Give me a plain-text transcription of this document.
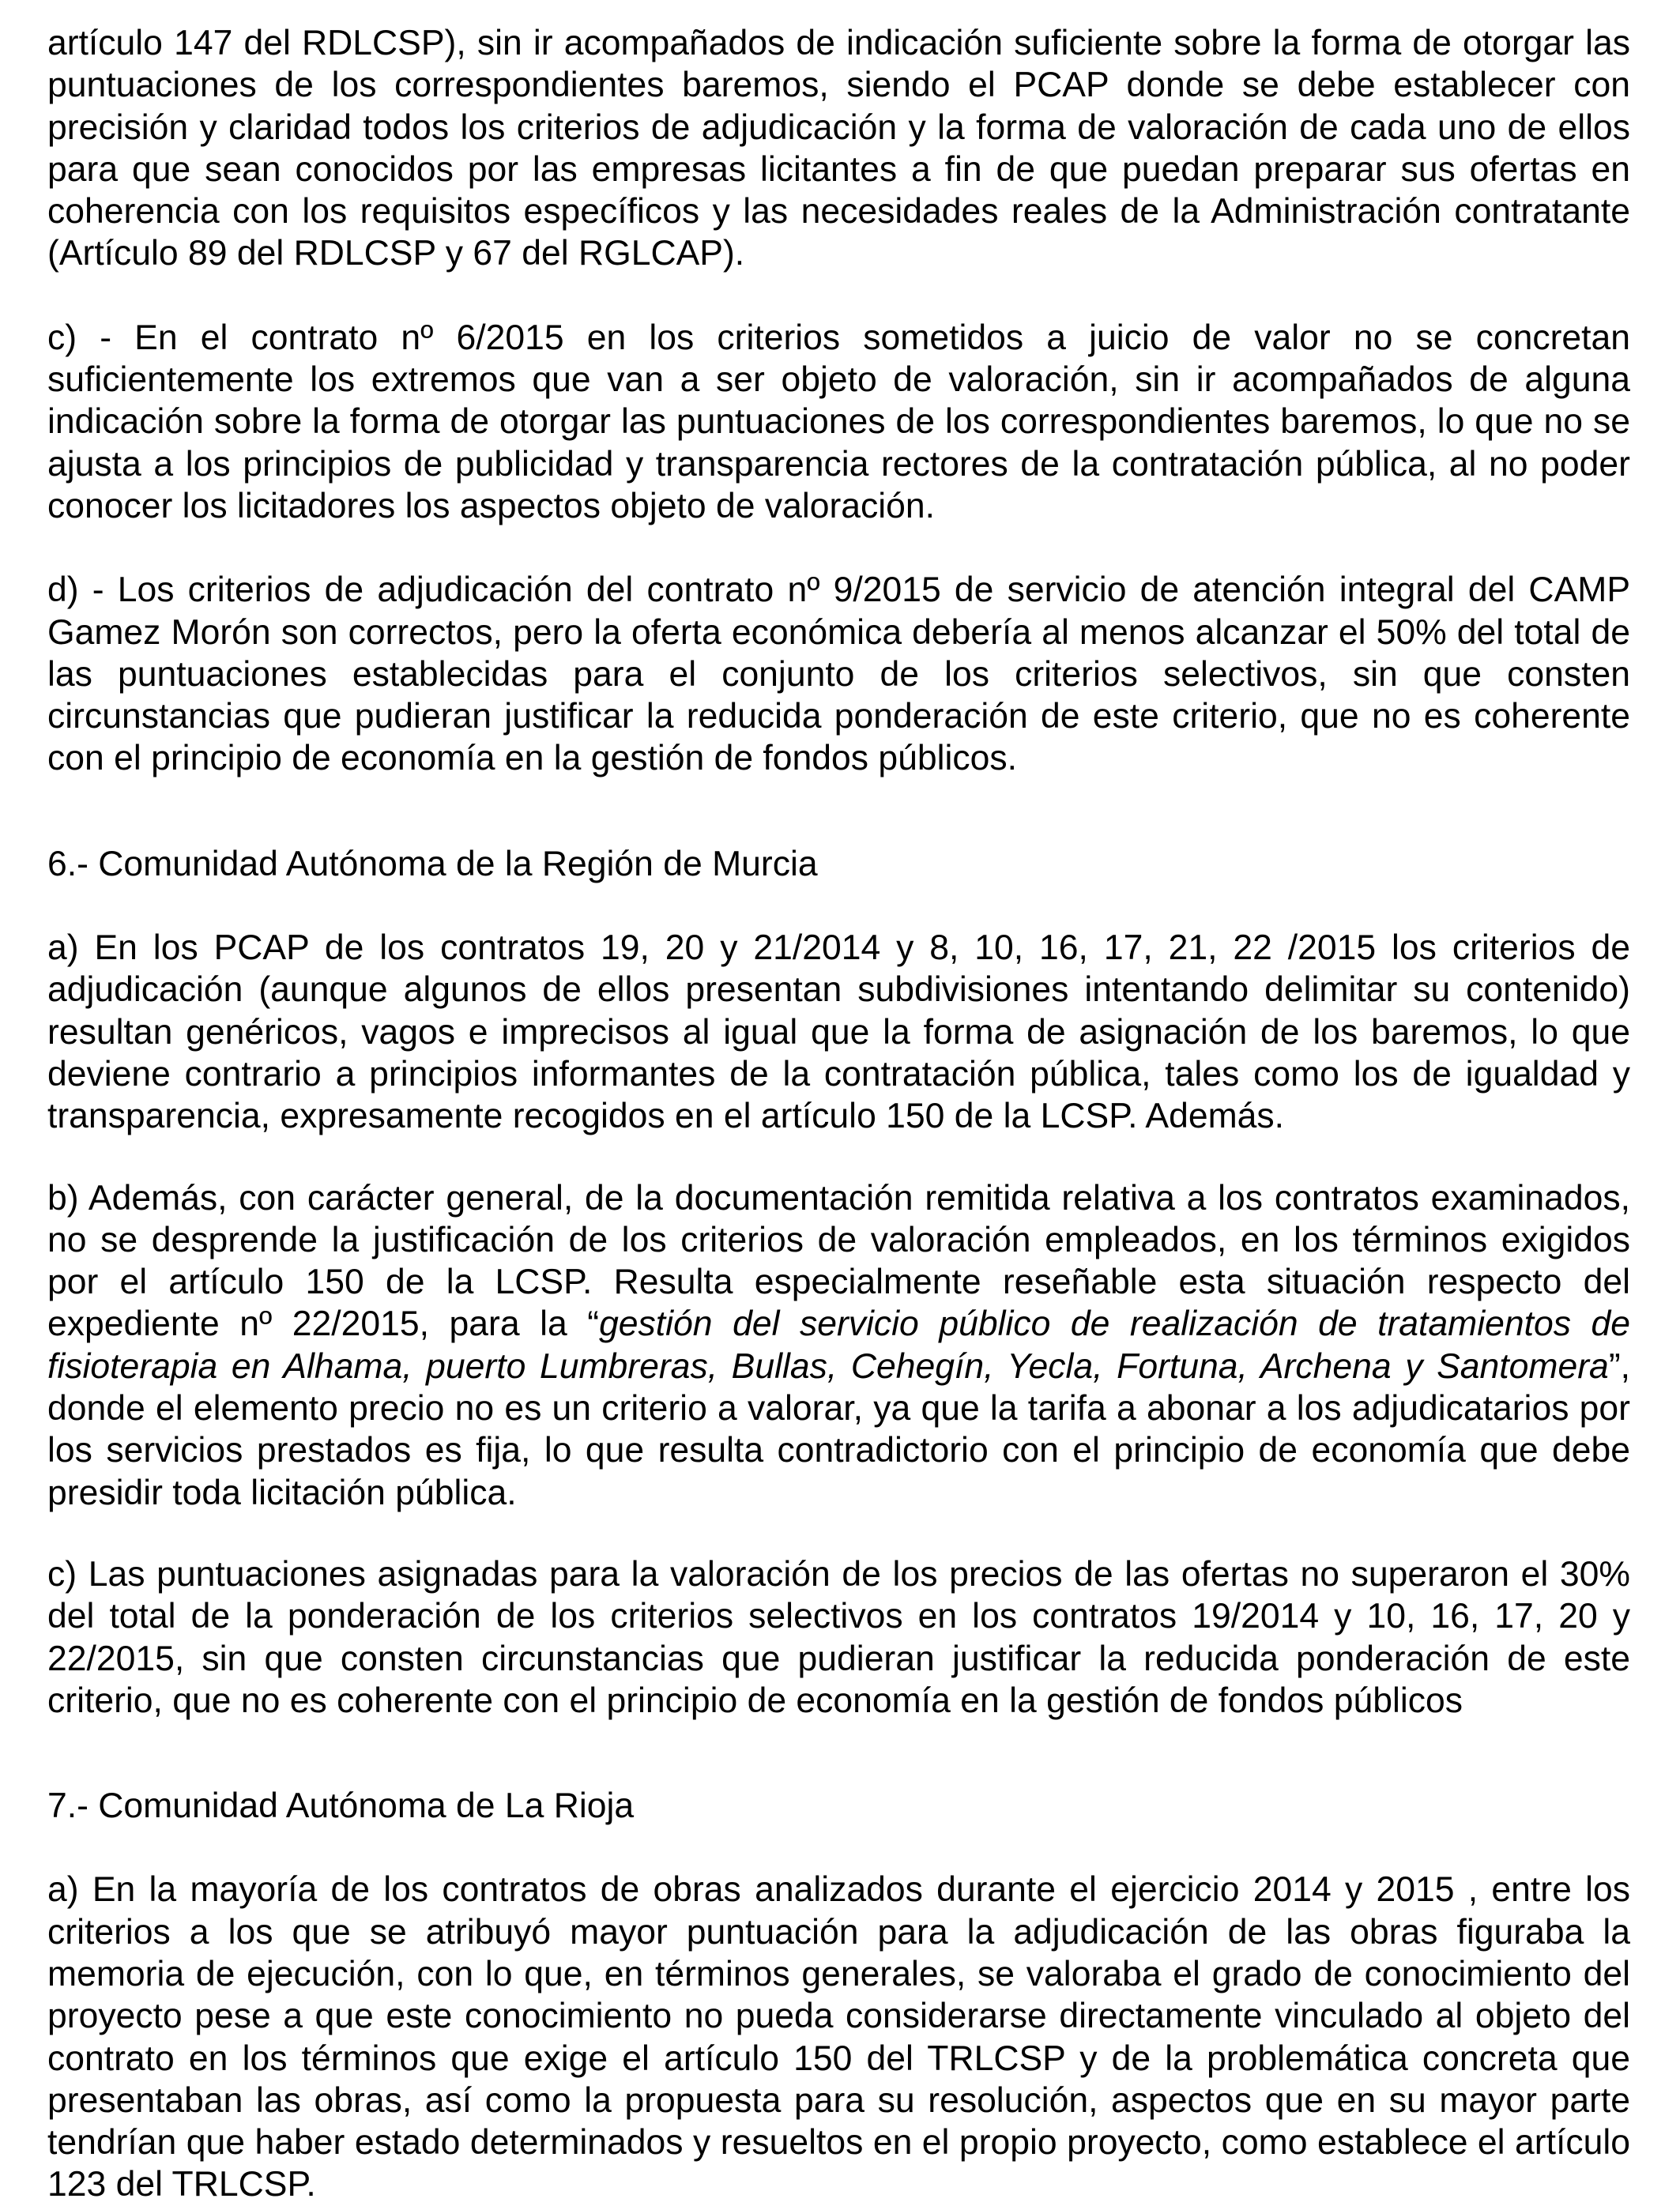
artículo 147 del RDLCSP), sin ir acompañados de indicación suficiente sobre la forma de otorgar las puntuaciones de los correspondientes baremos, siendo el PCAP donde se debe establecer con precisión y claridad todos los criterios de adjudicación y la forma de valoración de cada uno de ellos para que sean conocidos por las empresas licitantes a fin de que puedan preparar sus ofertas en coherencia con los requisitos específicos y las necesidades reales de la Administración contratante (Artículo 89 del RDLCSP y 67 del RGLCAP).

c) - En el contrato nº 6/2015 en los criterios sometidos a juicio de valor no se concretan suficientemente los extremos que van a ser objeto de valoración, sin ir acompañados de alguna indicación sobre la forma de otorgar las puntuaciones de los correspondientes baremos, lo que no se ajusta a los principios de publicidad y transparencia rectores de la contratación pública, al no poder conocer los licitadores los aspectos objeto de valoración.

d) - Los criterios de adjudicación del contrato nº 9/2015 de servicio de atención integral del CAMP Gamez Morón son correctos, pero la oferta económica debería al menos alcanzar el 50% del total de las puntuaciones establecidas para el conjunto de los criterios selectivos, sin que consten circunstancias que pudieran justificar la reducida ponderación de este criterio, que no es coherente con el principio de economía en la gestión de fondos públicos.

6.- Comunidad Autónoma de la Región de Murcia

a) En los PCAP de los contratos 19, 20 y 21/2014 y 8, 10, 16, 17, 21, 22 /2015 los criterios de adjudicación (aunque algunos de ellos presentan subdivisiones intentando delimitar su contenido) resultan genéricos, vagos e imprecisos al igual que la forma de asignación de los baremos, lo que deviene contrario a principios informantes de la contratación pública, tales como los de igualdad y transparencia, expresamente recogidos en el artículo 150 de la LCSP. Además.

b) Además, con carácter general, de la documentación remitida relativa a los contratos examinados, no se desprende la justificación de los criterios de valoración empleados, en los términos exigidos por el artículo 150 de la LCSP. Resulta especialmente reseñable esta situación respecto del expediente nº 22/2015, para la “gestión del servicio público de realización de tratamientos de fisioterapia en Alhama, puerto Lumbreras, Bullas, Cehegín, Yecla, Fortuna, Archena y Santomera”, donde el elemento precio no es un criterio a valorar, ya que la tarifa a abonar a los adjudicatarios por los servicios prestados es fija, lo que resulta contradictorio con el principio de economía que debe presidir toda licitación pública.

c) Las puntuaciones asignadas para la valoración de los precios de las ofertas no superaron el 30% del total de la ponderación de los criterios selectivos en los contratos 19/2014 y 10, 16, 17, 20 y 22/2015, sin que consten circunstancias que pudieran justificar la reducida ponderación de este criterio, que no es coherente con el principio de economía en la gestión de fondos públicos

7.- Comunidad Autónoma de La Rioja

a) En la mayoría de los contratos de obras analizados durante el ejercicio 2014 y 2015 , entre los criterios a los que se atribuyó mayor puntuación para la adjudicación de las obras figuraba la memoria de ejecución, con lo que, en términos generales, se valoraba el grado de conocimiento del proyecto pese a que este conocimiento no pueda considerarse directamente vinculado al objeto del contrato en los términos que exige el artículo 150 del TRLCSP y de la problemática concreta que presentaban las obras, así como la propuesta para su resolución, aspectos que en su mayor parte tendrían que haber estado determinados y resueltos en el propio proyecto, como establece el artículo 123 del TRLCSP.
